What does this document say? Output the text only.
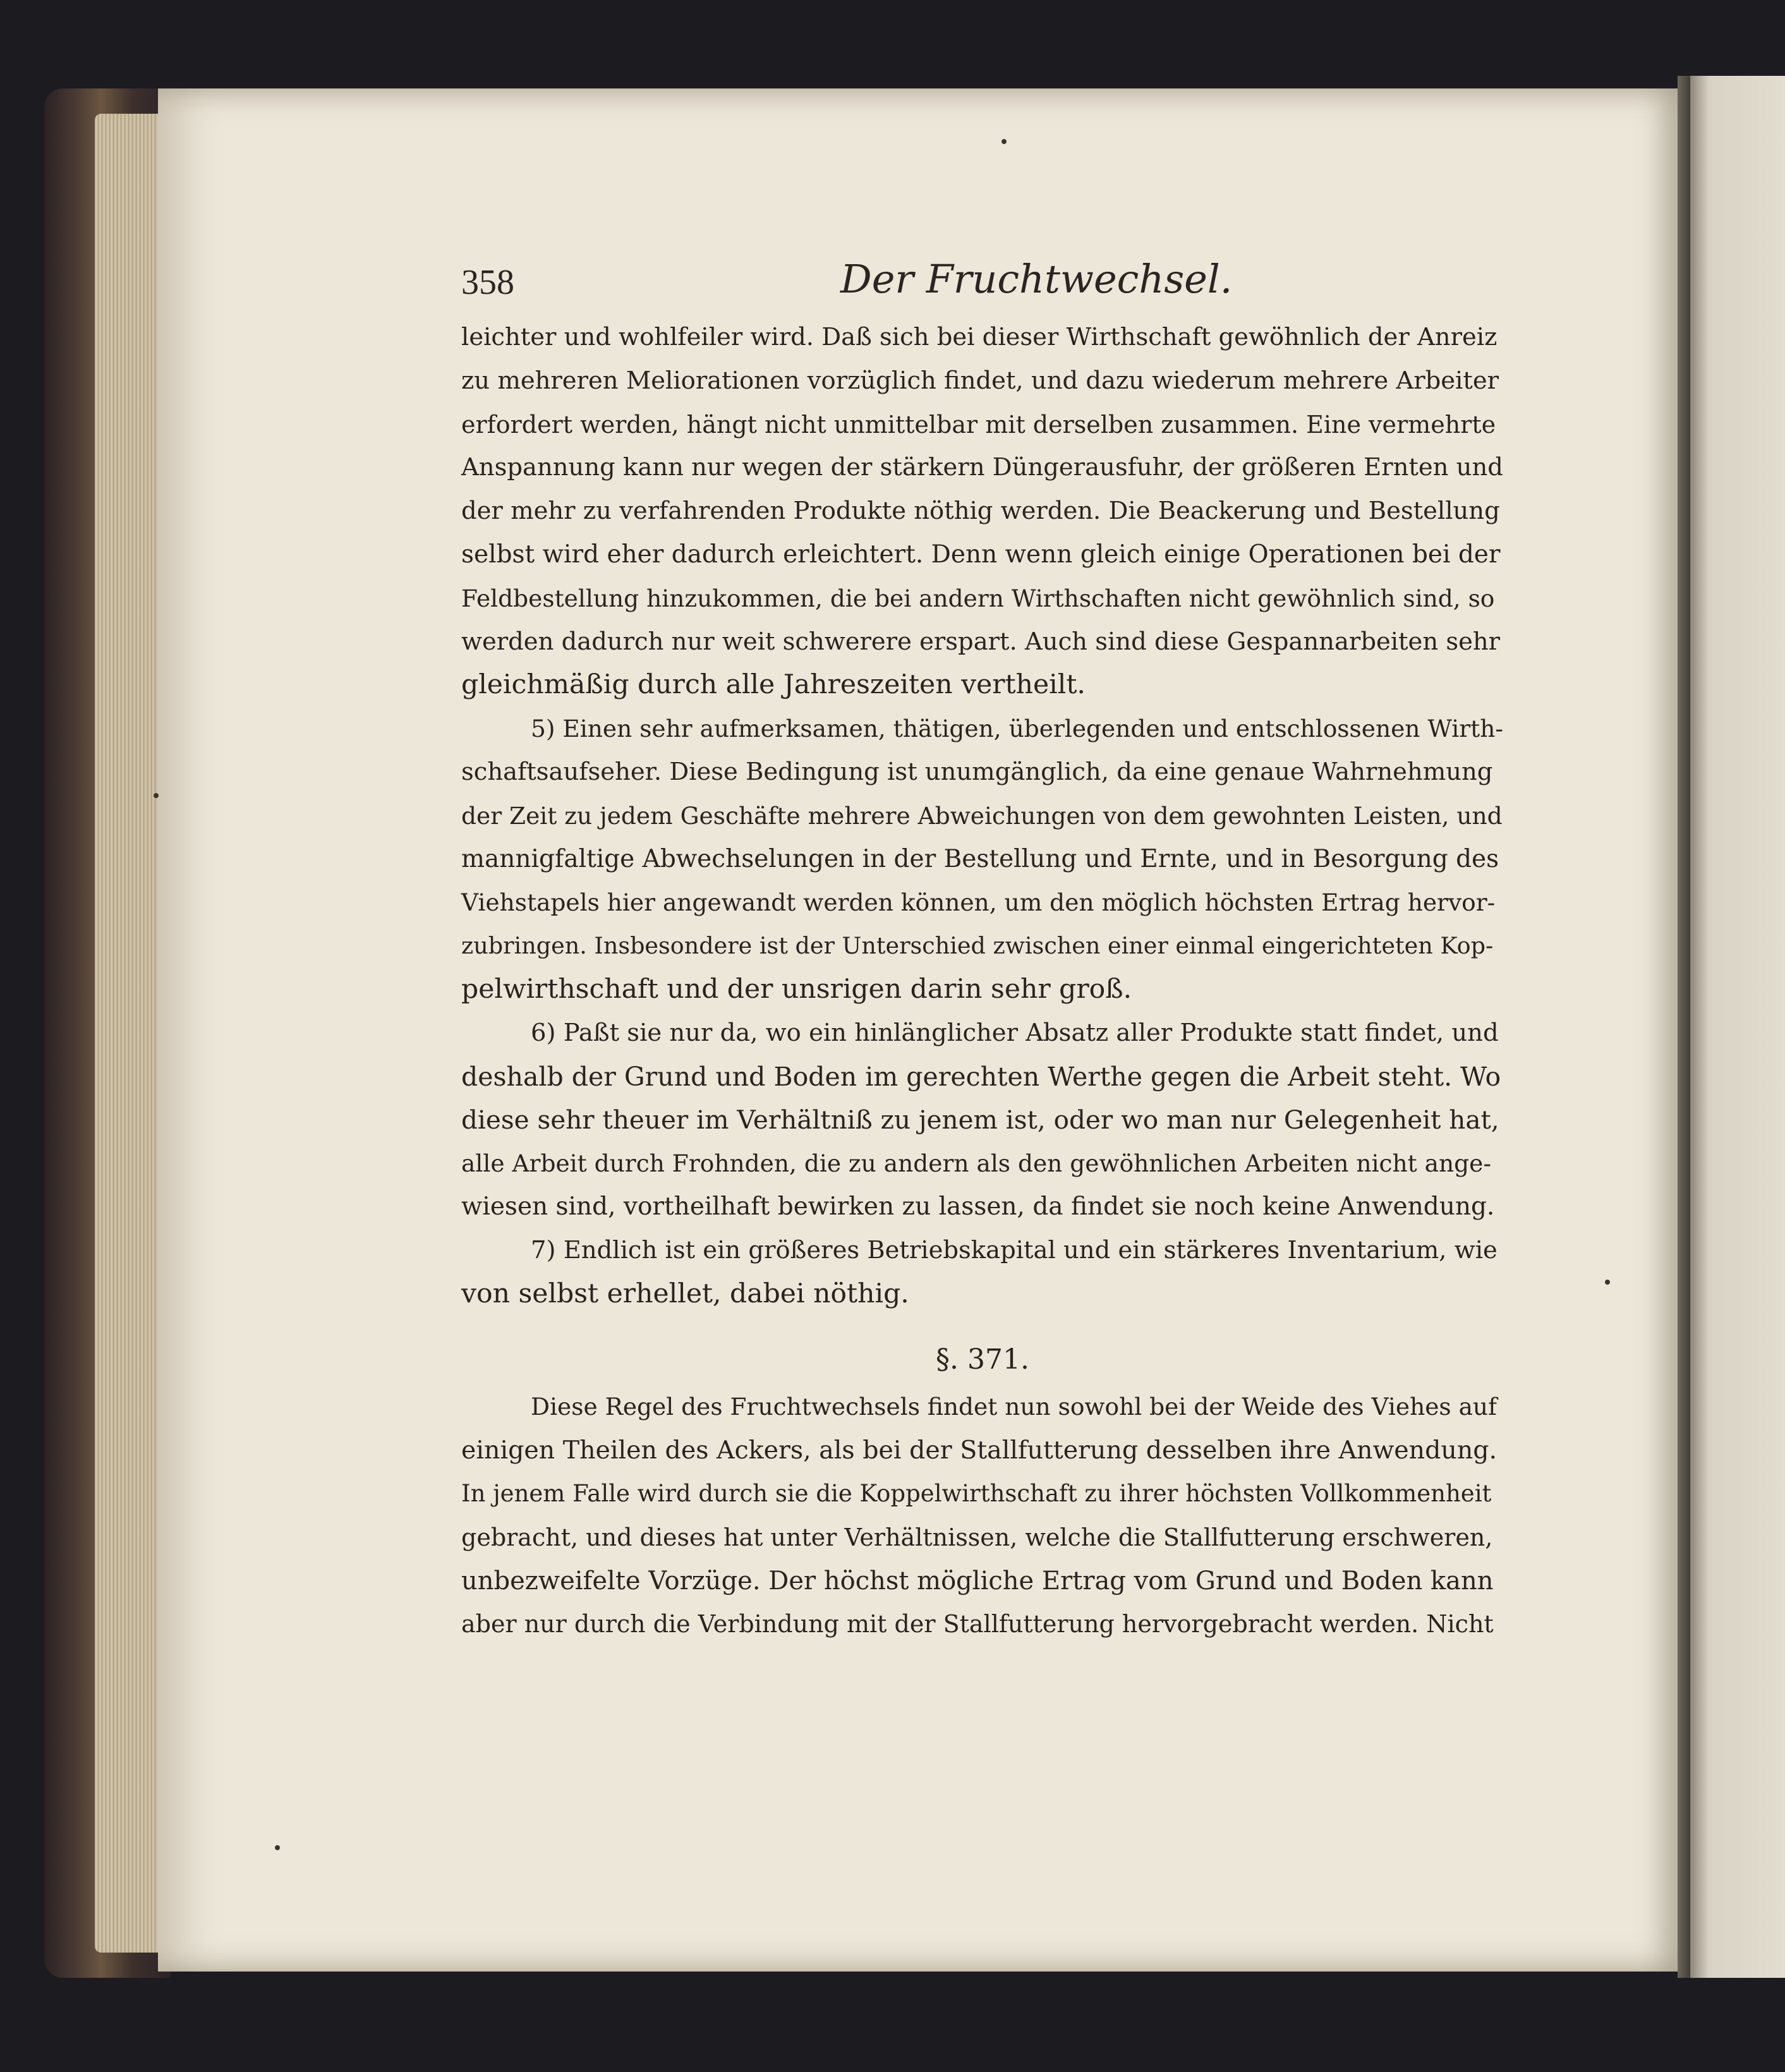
358	Der Fruchtwechsel.
leichter und wohlfeiler wird. Daß sich bei dieser Wirthschaft gewöhnlich der Anreiz
zu mehreren Meliorationen vorzüglich findet, und dazu wiederum mehrere Arbeiter
erfordert werden, hängt nicht unmittelbar mit derselben zusammen. Eine vermehrte
Anspannung kann nur wegen der stärkern Düngerausfuhr, der größeren Ernten und
der mehr zu verfahrenden Produkte nöthig werden. Die Beackerung und Bestellung
selbst wird eher dadurch erleichtert. Denn wenn gleich einige Operationen bei der
Feldbestellung hinzukommen, die bei andern Wirthschaften nicht gewöhnlich sind, so
werden dadurch nur weit schwerere erspart. Auch sind diese Gespannarbeiten sehr
gleichmäßig durch alle Jahreszeiten vertheilt.
5) Einen sehr aufmerksamen, thätigen, überlegenden und entschlossenen Wirth-
schaftsaufseher. Diese Bedingung ist unumgänglich, da eine genaue Wahrnehmung
der Zeit zu jedem Geschäfte mehrere Abweichungen von dem gewohnten Leisten, und
mannigfaltige Abwechselungen in der Bestellung und Ernte, und in Besorgung des
Viehstapels hier angewandt werden können, um den möglich höchsten Ertrag hervor-
zubringen. Insbesondere ist der Unterschied zwischen einer einmal eingerichteten Kop-
pelwirthschaft und der unsrigen darin sehr groß.
6) Paßt sie nur da, wo ein hinlänglicher Absatz aller Produkte statt findet, und
deshalb der Grund und Boden im gerechten Werthe gegen die Arbeit steht. Wo
diese sehr theuer im Verhältniß zu jenem ist, oder wo man nur Gelegenheit hat,
alle Arbeit durch Frohnden, die zu andern als den gewöhnlichen Arbeiten nicht ange-
wiesen sind, vortheilhaft bewirken zu lassen, da findet sie noch keine Anwendung.
7) Endlich ist ein größeres Betriebskapital und ein stärkeres Inventarium, wie
von selbst erhellet, dabei nöthig.
§. 371.
Diese Regel des Fruchtwechsels findet nun sowohl bei der Weide des Viehes auf
einigen Theilen des Ackers, als bei der Stallfutterung desselben ihre Anwendung.
In jenem Falle wird durch sie die Koppelwirthschaft zu ihrer höchsten Vollkommenheit
gebracht, und dieses hat unter Verhältnissen, welche die Stallfutterung erschweren,
unbezweifelte Vorzüge. Der höchst mögliche Ertrag vom Grund und Boden kann
aber nur durch die Verbindung mit der Stallfutterung hervorgebracht werden. Nicht
